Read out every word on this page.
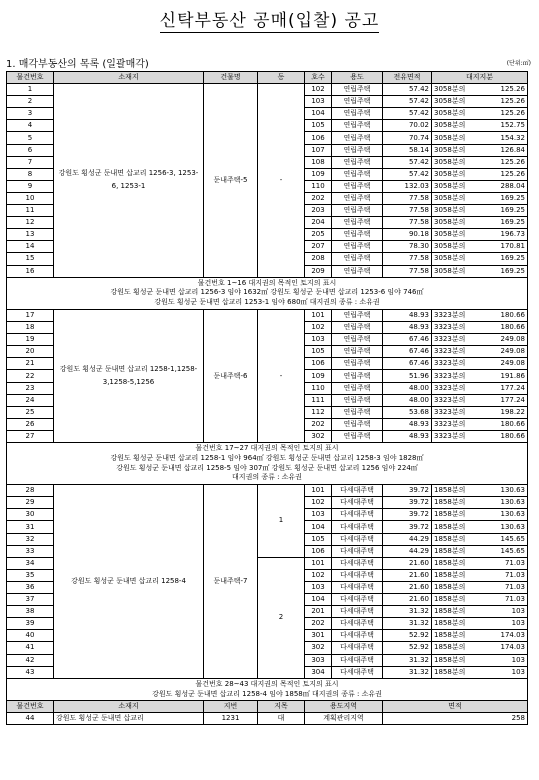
신탁부동산 공매(입찰) 공고
1. 매각부동산의 목록 (일괄매각)	(단위:㎡)
물건번호	소재지	건물명	동	호수	용도	전유면적	대지지분
1	강원도 횡성군 둔내면 삽교리 1256-3, 1253-6, 1253-1	둔내주택-5	-	102	연립주택	57.42	3058분의 125.26

2				103	연립주택	57.42	3058분의 125.26

3				104	연립주택	57.42	3058분의 125.26

4				105	연립주택	70.02	3058분의 152.75

5				106	연립주택	70.74	3058분의 154.32

6				107	연립주택	58.14	3058분의 126.84

7				108	연립주택	57.42	3058분의 125.26

8				109	연립주택	57.42	3058분의 125.26

9				110	연립주택	132.03	3058분의 288.04

10				202	연립주택	77.58	3058분의 169.25

11				203	연립주택	77.58	3058분의 169.25

12				204	연립주택	77.58	3058분의 169.25

13				205	연립주택	90.18	3058분의 196.73

14				207	연립주택	78.30	3058분의 170.81

15				208	연립주택	77.58	3058분의 169.25

16				209	연립주택	77.58	3058분의 169.25

물건번호 1~16 대지권의 목적인 토지의 표시
강원도 횡성군 둔내면 삽교리 1256-3 임야 1632㎡ 강원도 횡성군 둔내면 삽교리 1253-6 임야 746㎡
강원도 횡성군 둔내면 삽교리 1253-1 임야 680㎡ 대지권의 종류 : 소유권							
17	강원도 횡성군 둔내면 삽교리 1258-1,1258-3,1258-5,1256	둔내주택-6	-	101	연립주택	48.93	3323분의 180.66

18				102	연립주택	48.93	3323분의 180.66

19				103	연립주택	67.46	3323분의 249.08

20				105	연립주택	67.46	3323분의 249.08

21				106	연립주택	67.46	3323분의 249.08

22				109	연립주택	51.96	3323분의 191.86

23				110	연립주택	48.00	3323분의 177.24

24				111	연립주택	48.00	3323분의 177.24

25				112	연립주택	53.68	3323분의 198.22

26				202	연립주택	48.93	3323분의 180.66

27				302	연립주택	48.93	3323분의 180.66

물건번호 17~27 대지권의 목적인 토지의 표시
강원도 횡성군 둔내면 삽교리 1258-1 임야 964㎡ 강원도 횡성군 둔내면 삽교리 1258-3 임야 1828㎡
강원도 횡성군 둔내면 삽교리 1258-5 임야 307㎡ 강원도 횡성군 둔내면 삽교리 1256 임야 224㎡
대지권의 종류 : 소유권							
28	강원도 횡성군 둔내면 삽교리 1258-4	둔내주택-7	1	101	다세대주택	39.72	1858분의 130.63

29				102	다세대주택	39.72	1858분의 130.63

30				103	다세대주택	39.72	1858분의 130.63

31				104	다세대주택	39.72	1858분의 130.63

32				105	다세대주택	44.29	1858분의 145.65

33				106	다세대주택	44.29	1858분의 145.65

34			2	101	다세대주택	21.60	1858분의 71.03

35				102	다세대주택	21.60	1858분의 71.03

36				103	다세대주택	21.60	1858분의 71.03

37				104	다세대주택	21.60	1858분의 71.03

38				201	다세대주택	31.32	1858분의 103

39				202	다세대주택	31.32	1858분의 103

40				301	다세대주택	52.92	1858분의 174.03

41				302	다세대주택	52.92	1858분의 174.03

42				303	다세대주택	31.32	1858분의 103

43				304	다세대주택	31.32	1858분의 103

물건번호 28~43 대지권의 목적인 토지의 표시
강원도 횡성군 둔내면 삽교리 1258-4 임야 1858㎡ 대지권의 종류 : 소유권							
물건번호	소재지	지번	지목	용도지역		면적	
44	강원도 횡성군 둔내면 삽교리	1231	대	계획관리지역		258	
